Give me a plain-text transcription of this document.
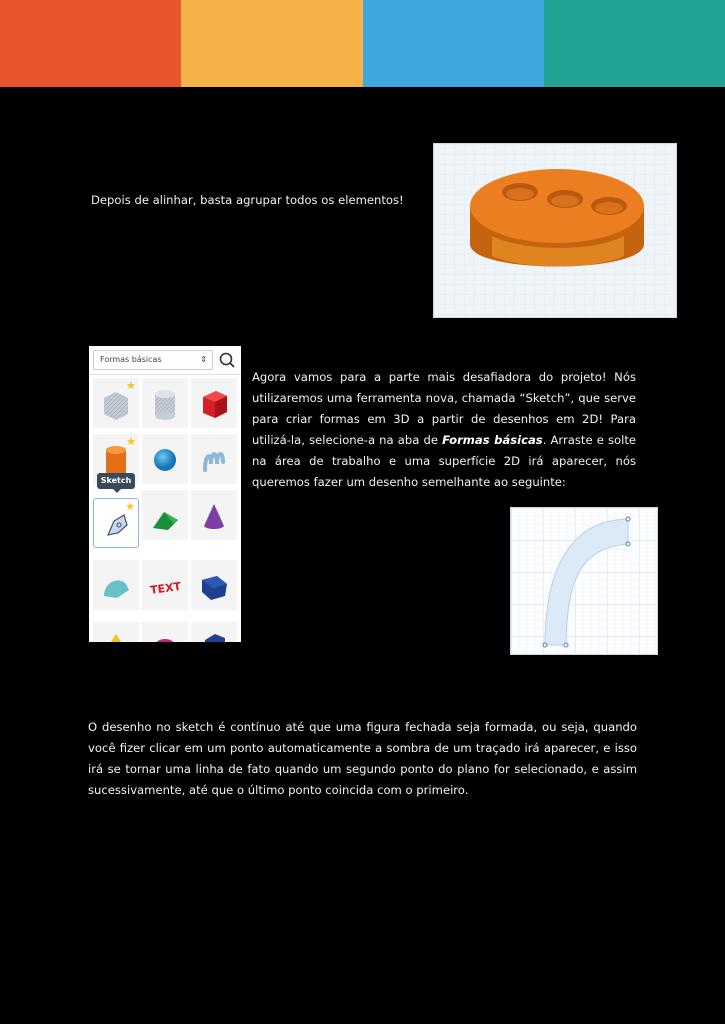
Depois de alinhar, basta agrupar todos os elementos!

Formas básicas	⇕
★
★
★
TEXT
Sketch

Agora vamos para a parte mais desafiadora do projeto! Nós utilizaremos uma ferramenta nova, chamada “Sketch”, que serve para criar formas em 3D a partir de desenhos em 2D! Para utilizá-la, selecione-a na aba de Formas básicas. Arraste e solte na área de trabalho e uma superfície 2D irá aparecer, nós queremos fazer um desenho semelhante ao seguinte:

O desenho no sketch é contínuo até que uma figura fechada seja formada, ou seja, quando você fizer clicar em um ponto automaticamente a sombra de um traçado irá aparecer, e isso irá se tornar uma linha de fato quando um segundo ponto do plano for selecionado, e assim sucessivamente, até que o último ponto coincida com o primeiro.
